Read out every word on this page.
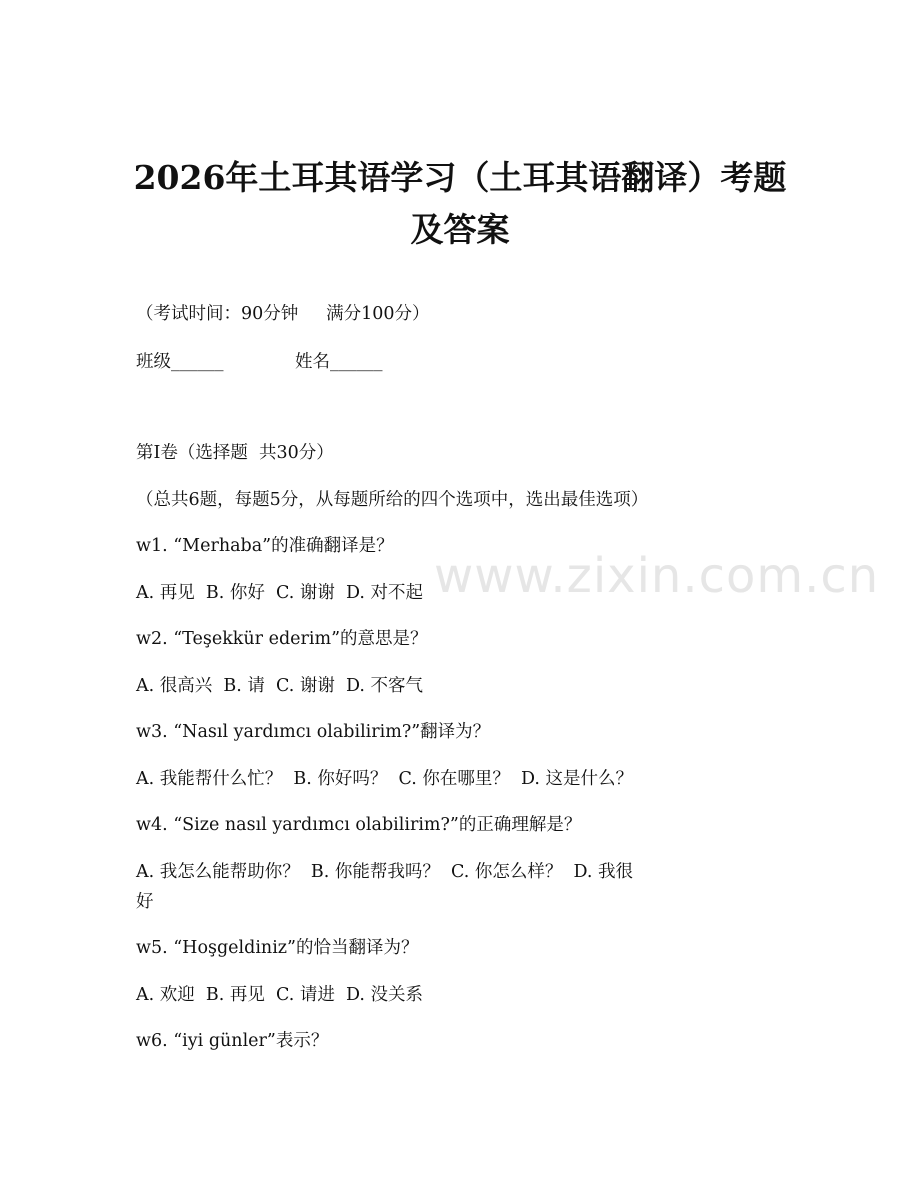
2026年土耳其语学习（土耳其语翻译）考题
及答案
（考试时间：90分钟     满分100分）
班级______	姓名______
第Ⅰ卷（选择题  共30分）
（总共6题，每题5分，从每题所给的四个选项中，选出最佳选项）
w1. “Merhaba”的准确翻译是？
A. 再见  B. 你好  C. 谢谢  D. 对不起
w2. “Teşekkür ederim”的意思是？
A. 很高兴  B. 请  C. 谢谢  D. 不客气
w3. “Nasıl yardımcı olabilirim?”翻译为？
A. 我能帮什么忙？  B. 你好吗？  C. 你在哪里？  D. 这是什么？
w4. “Size nasıl yardımcı olabilirim?”的正确理解是？
A. 我怎么能帮助你？  B. 你能帮我吗？  C. 你怎么样？  D. 我很
好
w5. “Hoşgeldiniz”的恰当翻译为？
A. 欢迎  B. 再见  C. 请进  D. 没关系
w6. “iyi günler”表示？
www.zixin.com.cn
